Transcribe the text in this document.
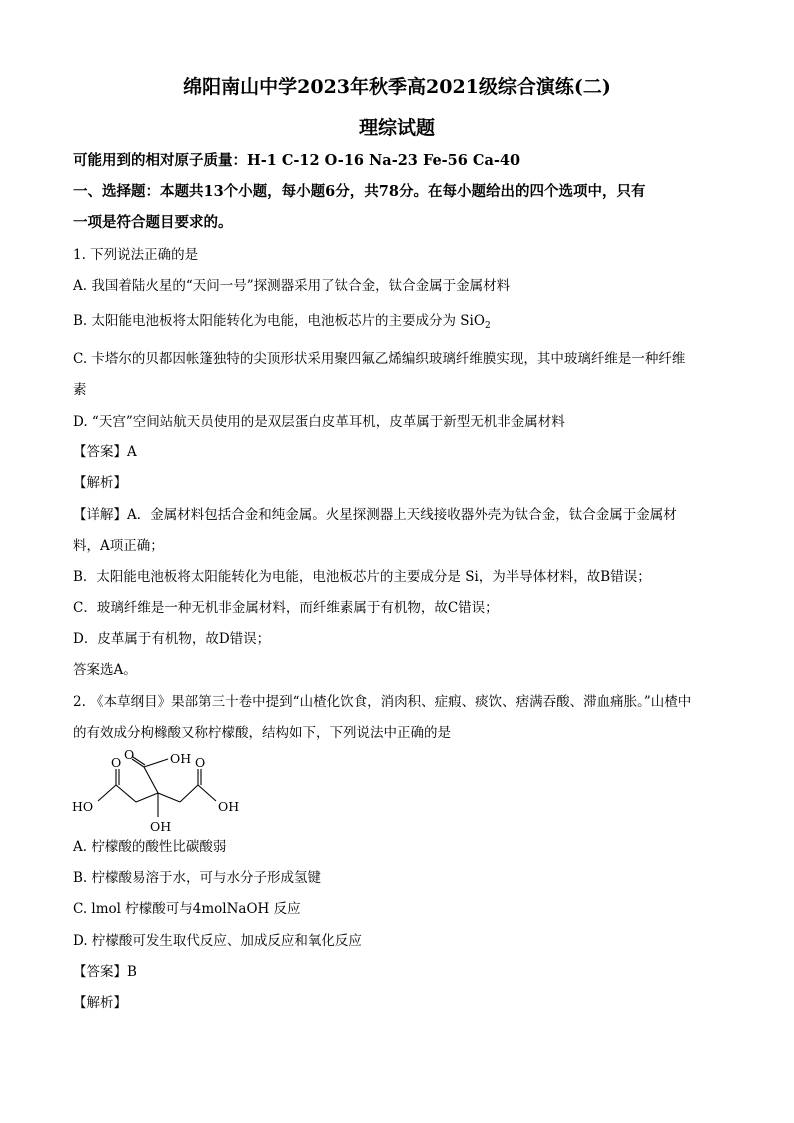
绵阳南山中学2023年秋季高2021级综合演练(二)
理综试题
可能用到的相对原子质量：H-1 C-12 O-16 Na-23 Fe-56 Ca-40
一、选择题：本题共13个小题，每小题6分，共78分。在每小题给出的四个选项中，只有
一项是符合题目要求的。
1. 下列说法正确的是
A. 我国着陆火星的“天问一号”探测器采用了钛合金，钛合金属于金属材料
B. 太阳能电池板将太阳能转化为电能，电池板芯片的主要成分为 SiO$_2$
C. 卡塔尔的贝都因帐篷独特的尖顶形状采用聚四氟乙烯编织玻璃纤维膜实现，其中玻璃纤维是一种纤维
素
D. “天宫”空间站航天员使用的是双层蛋白皮革耳机，皮革属于新型无机非金属材料
【答案】A
【解析】
【详解】A．金属材料包括合金和纯金属。火星探测器上天线接收器外壳为钛合金，钛合金属于金属材
料，A项正确；
B．太阳能电池板将太阳能转化为电能，电池板芯片的主要成分是 Si，为半导体材料，故B错误；
C．玻璃纤维是一种无机非金属材料，而纤维素属于有机物，故C错误；
D．皮革属于有机物，故D错误；
答案选A。
2. 《本草纲目》果部第三十卷中提到“山楂化饮食，消肉积、症瘕、痰饮、痞满吞酸、滞血痛胀。”山楂中
的有效成分枸橼酸又称柠檬酸，结构如下，下列说法中正确的是
OH
O
O
O
HO	OH
OH
A. 柠檬酸的酸性比碳酸弱
B. 柠檬酸易溶于水，可与水分子形成氢键
C. lmol 柠檬酸可与4molNaOH 反应
D. 柠檬酸可发生取代反应、加成反应和氧化反应
【答案】B
【解析】
